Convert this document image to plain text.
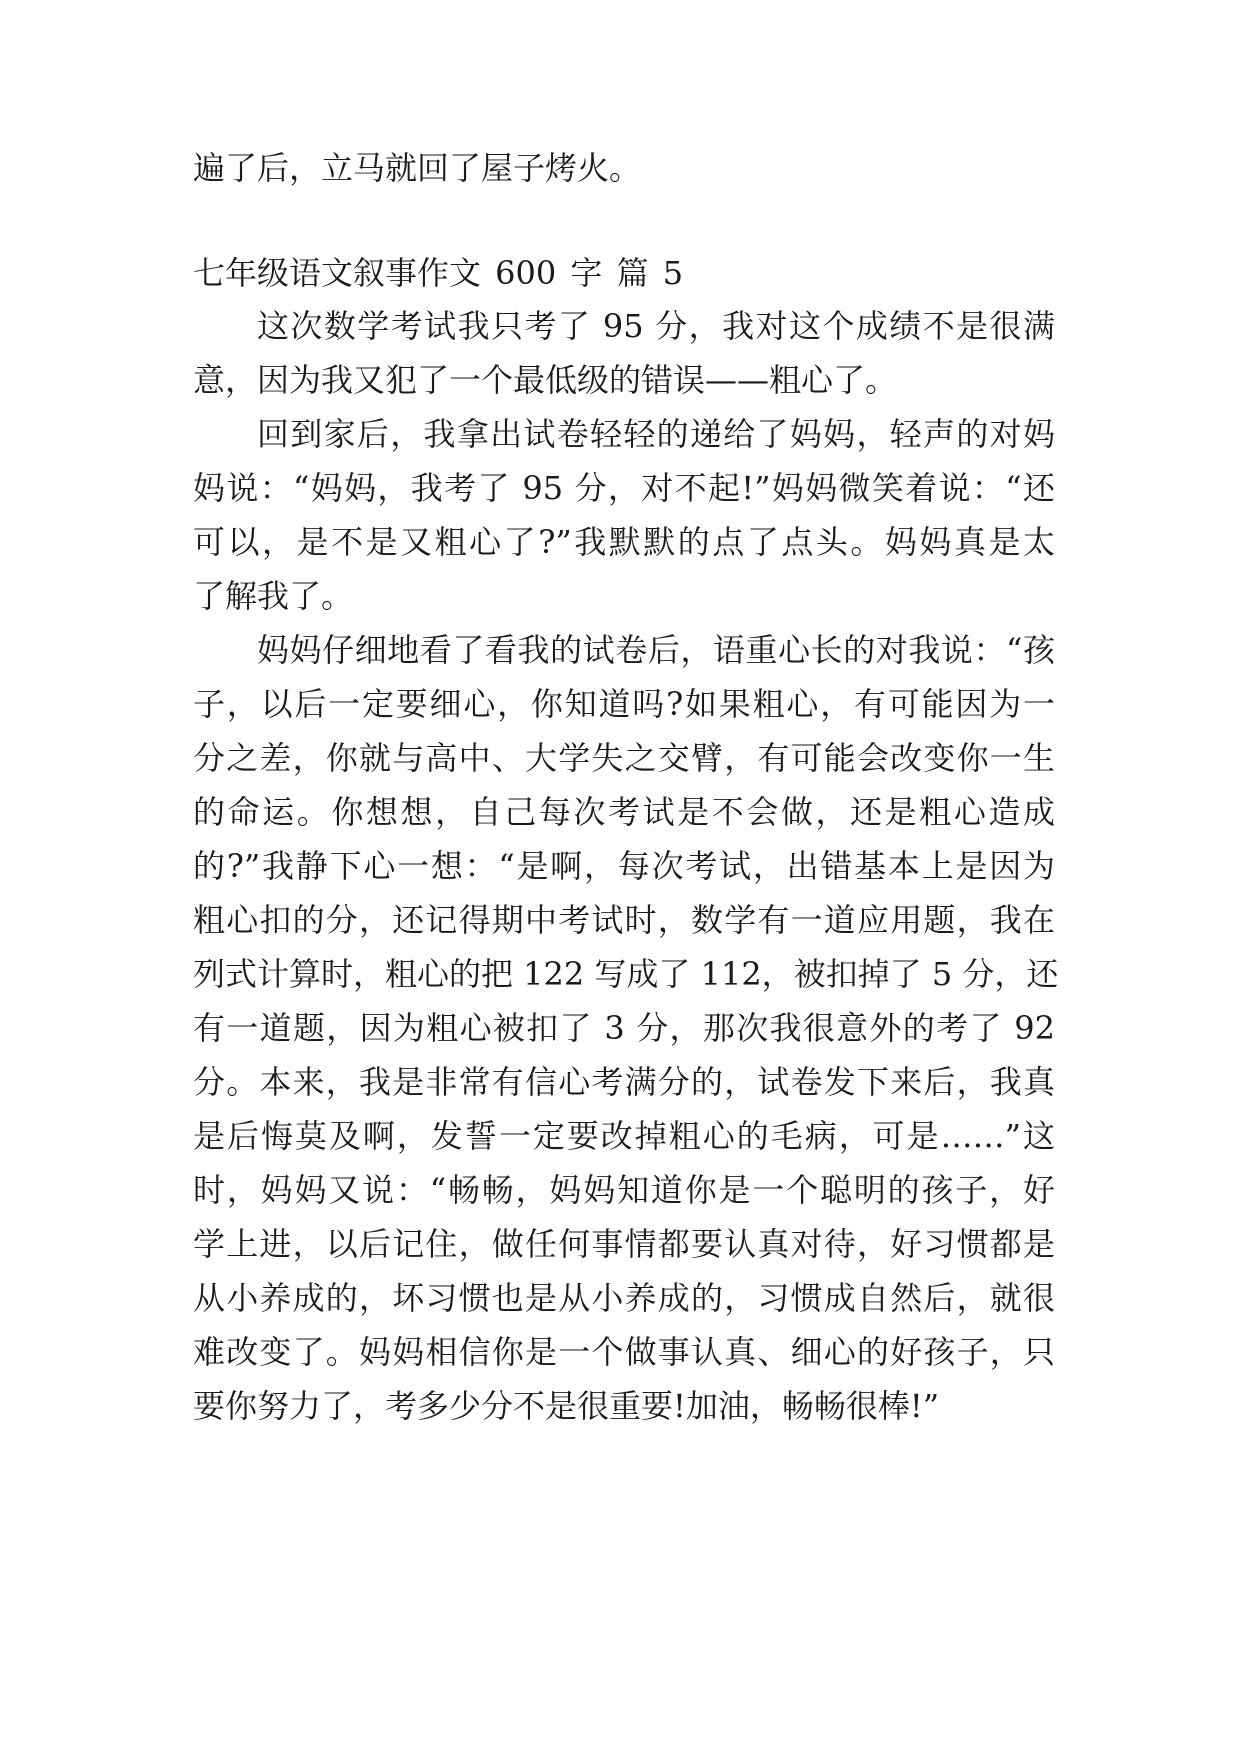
遍了后，立马就回了屋子烤火。
七年级语文叙事作文 600 字 篇 5
这次数学考试我只考了 95 分，我对这个成绩不是很满
意，因为我又犯了一个最低级的错误——粗心了。
回到家后，我拿出试卷轻轻的递给了妈妈，轻声的对妈
妈说：“妈妈，我考了 95 分，对不起!”妈妈微笑着说：“还
可以，是不是又粗心了?”我默默的点了点头。妈妈真是太
了解我了。
妈妈仔细地看了看我的试卷后，语重心长的对我说：“孩
子，以后一定要细心，你知道吗?如果粗心，有可能因为一
分之差，你就与高中、大学失之交臂，有可能会改变你一生
的命运。你想想，自己每次考试是不会做，还是粗心造成
的?”我静下心一想：“是啊，每次考试，出错基本上是因为
粗心扣的分，还记得期中考试时，数学有一道应用题，我在
列式计算时，粗心的把 122 写成了 112，被扣掉了 5 分，还
有一道题，因为粗心被扣了 3 分，那次我很意外的考了 92
分。本来，我是非常有信心考满分的，试卷发下来后，我真
是后悔莫及啊，发誓一定要改掉粗心的毛病，可是……”这
时，妈妈又说：“畅畅，妈妈知道你是一个聪明的孩子，好
学上进，以后记住，做任何事情都要认真对待，好习惯都是
从小养成的，坏习惯也是从小养成的，习惯成自然后，就很
难改变了。妈妈相信你是一个做事认真、细心的好孩子，只
要你努力了，考多少分不是很重要!加油，畅畅很棒!”
